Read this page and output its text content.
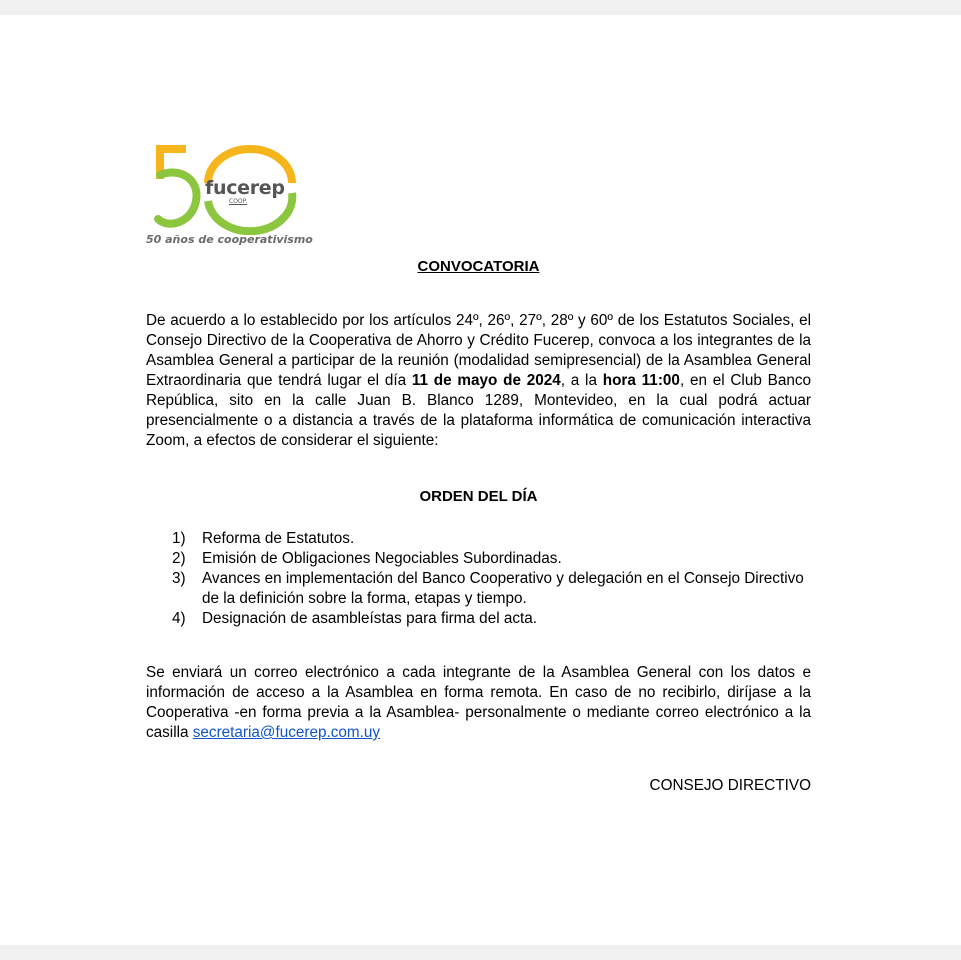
fucerep
COOP.
50 años de cooperativismo
CONVOCATORIA
De acuerdo a lo establecido por los artículos 24º, 26º, 27º, 28º y 60º de los Estatutos Sociales, el Consejo Directivo de la Cooperativa de Ahorro y Crédito Fucerep, convoca a los integrantes de la Asamblea General a participar de la reunión (modalidad semipresencial) de la Asamblea General Extraordinaria que tendrá lugar el día 11 de mayo de 2024, a la hora 11:00, en el Club Banco República, sito en la calle Juan B. Blanco 1289, Montevideo, en la cual podrá actuar presencialmente o a distancia a través de la plataforma informática de comunicación interactiva Zoom, a efectos de considerar el siguiente:
ORDEN DEL DÍA
1) Reforma de Estatutos.
2) Emisión de Obligaciones Negociables Subordinadas.
3) Avances en implementación del Banco Cooperativo y delegación en el Consejo Directivo de la definición sobre la forma, etapas y tiempo.
4) Designación de asambleístas para firma del acta.
Se enviará un correo electrónico a cada integrante de la Asamblea General con los datos e información de acceso a la Asamblea en forma remota. En caso de no recibirlo, diríjase a la Cooperativa -en forma previa a la Asamblea- personalmente o mediante correo electrónico a la casilla secretaria@fucerep.com.uy
CONSEJO DIRECTIVO
